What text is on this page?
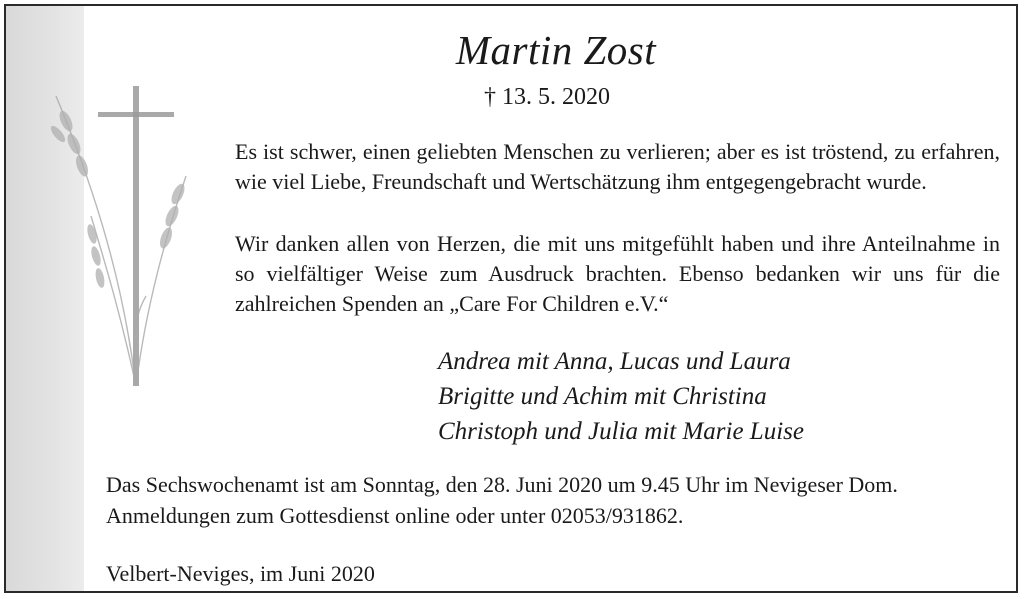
Martin Zost
† 13. 5. 2020

Es ist schwer, einen geliebten Menschen zu verlieren; aber es ist tröstend, zu erfahren, wie viel Liebe, Freundschaft und Wertschätzung ihm entgegengebracht wurde.

Wir danken allen von Herzen, die mit uns mitgefühlt haben und ihre Anteilnahme in so vielfältiger Weise zum Ausdruck brachten. Ebenso bedanken wir uns für die zahlreichen Spenden an „Care For Children e.V.“

Andrea mit Anna, Lucas und Laura
Brigitte und Achim mit Christina
Christoph und Julia mit Marie Luise
Das Sechswochenamt ist am Sonntag, den 28. Juni 2020 um 9.45 Uhr im Nevigeser Dom. Anmeldungen zum Gottesdienst online oder unter 02053/931862.
Velbert-Neviges, im Juni 2020
